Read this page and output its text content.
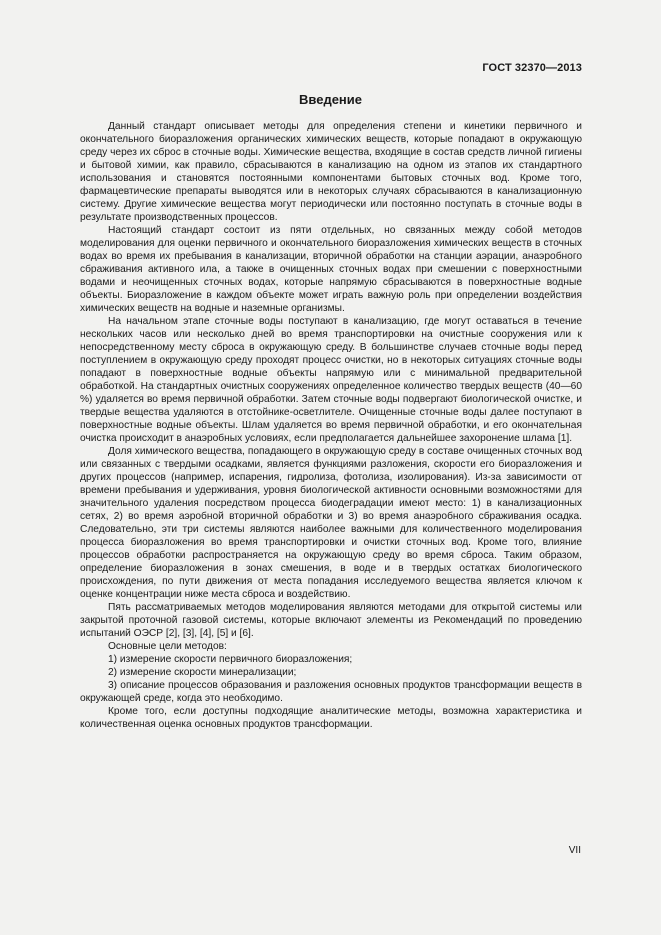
ГОСТ 32370—2013
Введение

Данный стандарт описывает методы для определения степени и кинетики первичного и окончательного биоразложения органических химических веществ, которые попадают в окружающую среду через их сброс в сточные воды. Химические вещества, входящие в состав средств личной гигиены и бытовой химии, как правило, сбрасываются в канализацию на одном из этапов их стандартного использования и становятся постоянными компонентами бытовых сточных вод. Кроме того, фармацевтические препараты выводятся или в некоторых случаях сбрасываются в канализационную систему. Другие химические вещества могут периодически или постоянно поступать в сточные воды в результате производственных процессов.

Настоящий стандарт состоит из пяти отдельных, но связанных между собой методов моделирования для оценки первичного и окончательного биоразложения химических веществ в сточных водах во время их пребывания в канализации, вторичной обработки на станции аэрации, анаэробного сбраживания активного ила, а также в очищенных сточных водах при смешении с поверхностными водами и неочищенных сточных водах, которые напрямую сбрасываются в поверхностные водные объекты. Биоразложение в каждом объекте может играть важную роль при определении воздействия химических веществ на водные и наземные организмы.

На начальном этапе сточные воды поступают в канализацию, где могут оставаться в течение нескольких часов или несколько дней во время транспортировки на очистные сооружения или к непосредственному месту сброса в окружающую среду. В большинстве случаев сточные воды перед поступлением в окружающую среду проходят процесс очистки, но в некоторых ситуациях сточные воды попадают в поверхностные водные объекты напрямую или с минимальной предварительной обработкой. На стандартных очистных сооружениях определенное количество твердых веществ (40—60 %) удаляется во время первичной обработки. Затем сточные воды подвергают биологической очистке, и твердые вещества удаляются в отстойнике-осветлителе. Очищенные сточные воды далее поступают в поверхностные водные объекты. Шлам удаляется во время первичной обработки, и его окончательная очистка происходит в анаэробных условиях, если предполагается дальнейшее захоронение шлама [1].

Доля химического вещества, попадающего в окружающую среду в составе очищенных сточных вод или связанных с твердыми осадками, является функциями разложения, скорости его биоразложения и других процессов (например, испарения, гидролиза, фотолиза, изолирования). Из-за зависимости от времени пребывания и удерживания, уровня биологической активности основными возможностями для значительного удаления посредством процесса биодеградации имеют место: 1) в канализационных сетях, 2) во время аэробной вторичной обработки и 3) во время анаэробного сбраживания осадка. Следовательно, эти три системы являются наиболее важными для количественного моделирования процесса биоразложения во время транспортировки и очистки сточных вод. Кроме того, влияние процессов обработки распространяется на окружающую среду во время сброса. Таким образом, определение биоразложения в зонах смешения, в воде и в твердых остатках биологического происхождения, по пути движения от места попадания исследуемого вещества является ключом к оценке концентрации ниже места сброса и воздействию.

Пять рассматриваемых методов моделирования являются методами для открытой системы или закрытой проточной газовой системы, которые включают элементы из Рекомендаций по проведению испытаний ОЭСР [2], [3], [4], [5] и [6].

Основные цели методов:

1) измерение скорости первичного биоразложения;

2) измерение скорости минерализации;

3) описание процессов образования и разложения основных продуктов трансформации веществ в окружающей среде, когда это необходимо.

Кроме того, если доступны подходящие аналитические методы, возможна характеристика и количественная оценка основных продуктов трансформации.

VII
